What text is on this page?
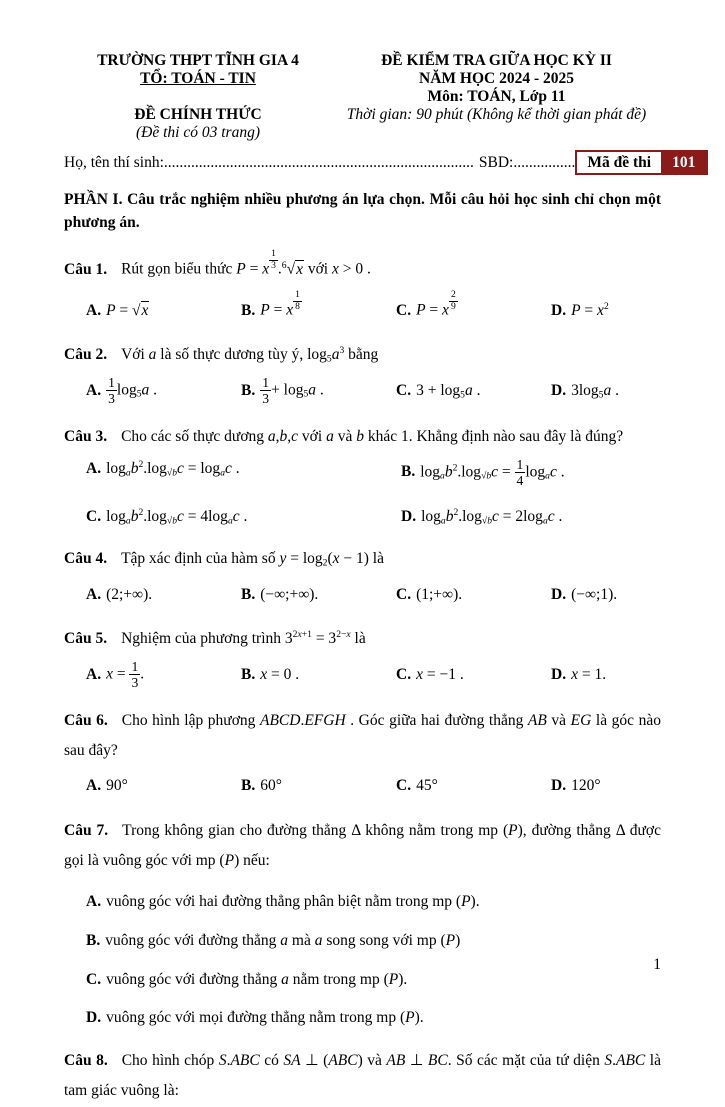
TRƯỜNG THPT TĨNH GIA 4
TỔ: TOÁN - TIN
ĐỀ CHÍNH THỨC
(Đề thi có 03 trang)
ĐỀ KIỂM TRA GIỮA HỌC KỲ II
NĂM HỌC 2024 - 2025
Môn: TOÁN, Lớp 11
Thời gian: 90 phút (Không kể thời gian phát đề)
Họ, tên thí sinh: ................................................................................ SBD: ................ Mã đề thi	101

PHẦN I. Câu trắc nghiệm nhiều phương án lựa chọn. Mỗi câu hỏi học sinh chỉ chọn một phương án.

Câu 1. Rút gọn biểu thức P = x $^{\frac{1}{3}}$ .$^6$√x với x > 0 .

A. P = √x	B. P = x $^{\frac{1}{8}}$	C. P = x $^{\frac{2}{9}}$	D. $P = x^2$

Câu 2. Với a là số thực dương tùy ý, $\log_5a^3$ bằng

A. $\frac{1}{3} \log_5a$ .	B. $\frac{1}{3} + \log_5a$ .	C. $3 + \log_5a$ .	D. $3\log_5a$ .

Câu 3. Cho các số thực dương a,b,c với a và b khác 1. Khẳng định nào sau đây là đúng?

A. $\log_ab^2.\log_{√b}c = \log_ac$ .	B. $\log_ab^2.\log_{√b}c = \frac{1}{4} \log_ac$ .
C. $\log_ab^2.\log_{√b}c = 4\log_ac$ .	D. $\log_ab^2.\log_{√b}c = 2\log_ac$ .

Câu 4. Tập xác định của hàm số $y = \log_2(x - 1)$ là

A. (2;+∞).	B. (−∞;+∞).	C. (1;+∞).	D. (−∞;1).

Câu 5. Nghiệm của phương trình $3^{2x+1} = 3^{2-x}$ là

A. $x = \frac{1}{3}$ .	B. x = 0 .	C. x = −1 .	D. x = 1.

Câu 6. Cho hình lập phương ABCD.EFGH . Góc giữa hai đường thẳng AB và EG là góc nào sau đây?

A. 90°	B. 60°	C. 45°	D. 120°

Câu 7. Trong không gian cho đường thẳng Δ không nằm trong mp (P), đường thẳng Δ được gọi là vuông góc với mp (P) nếu:

A. vuông góc với hai đường thẳng phân biệt nằm trong mp (P).
B. vuông góc với đường thẳng a mà a song song với mp (P)
C. vuông góc với đường thẳng a nằm trong mp (P).
D. vuông góc với mọi đường thẳng nằm trong mp (P).

Câu 8. Cho hình chóp S.ABC có SA ⊥ (ABC) và AB ⊥ BC. Số các mặt của tứ diện S.ABC là tam giác vuông là:

1
